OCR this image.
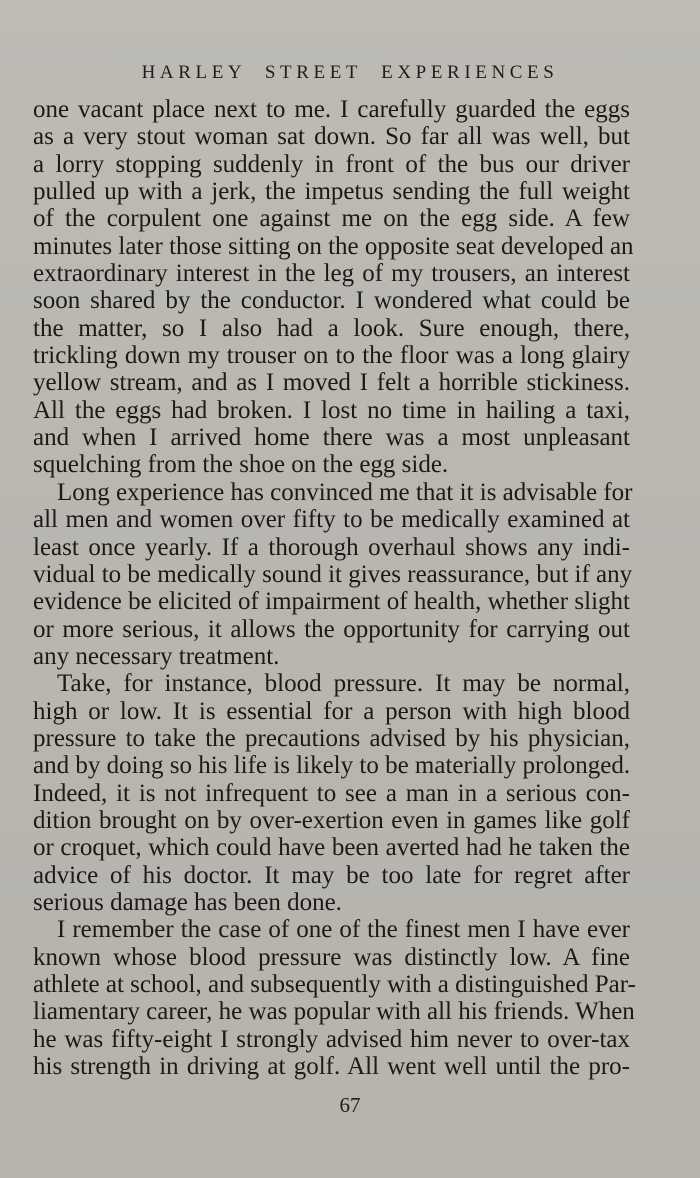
HARLEY STREET EXPERIENCES
one vacant place next to me. I carefully guarded the eggs
as a very stout woman sat down. So far all was well, but
a lorry stopping suddenly in front of the bus our driver
pulled up with a jerk, the impetus sending the full weight
of the corpulent one against me on the egg side. A few
minutes later those sitting on the opposite seat developed an
extraordinary interest in the leg of my trousers, an interest
soon shared by the conductor. I wondered what could be
the matter, so I also had a look. Sure enough, there,
trickling down my trouser on to the floor was a long glairy
yellow stream, and as I moved I felt a horrible stickiness.
All the eggs had broken. I lost no time in hailing a taxi,
and when I arrived home there was a most unpleasant
squelching from the shoe on the egg side.
Long experience has convinced me that it is advisable for
all men and women over fifty to be medically examined at
least once yearly. If a thorough overhaul shows any indi-
vidual to be medically sound it gives reassurance, but if any
evidence be elicited of impairment of health, whether slight
or more serious, it allows the opportunity for carrying out
any necessary treatment.
Take, for instance, blood pressure. It may be normal,
high or low. It is essential for a person with high blood
pressure to take the precautions advised by his physician,
and by doing so his life is likely to be materially prolonged.
Indeed, it is not infrequent to see a man in a serious con-
dition brought on by over-exertion even in games like golf
or croquet, which could have been averted had he taken the
advice of his doctor. It may be too late for regret after
serious damage has been done.
I remember the case of one of the finest men I have ever
known whose blood pressure was distinctly low. A fine
athlete at school, and subsequently with a distinguished Par-
liamentary career, he was popular with all his friends. When
he was fifty-eight I strongly advised him never to over-tax
his strength in driving at golf. All went well until the pro-
67
